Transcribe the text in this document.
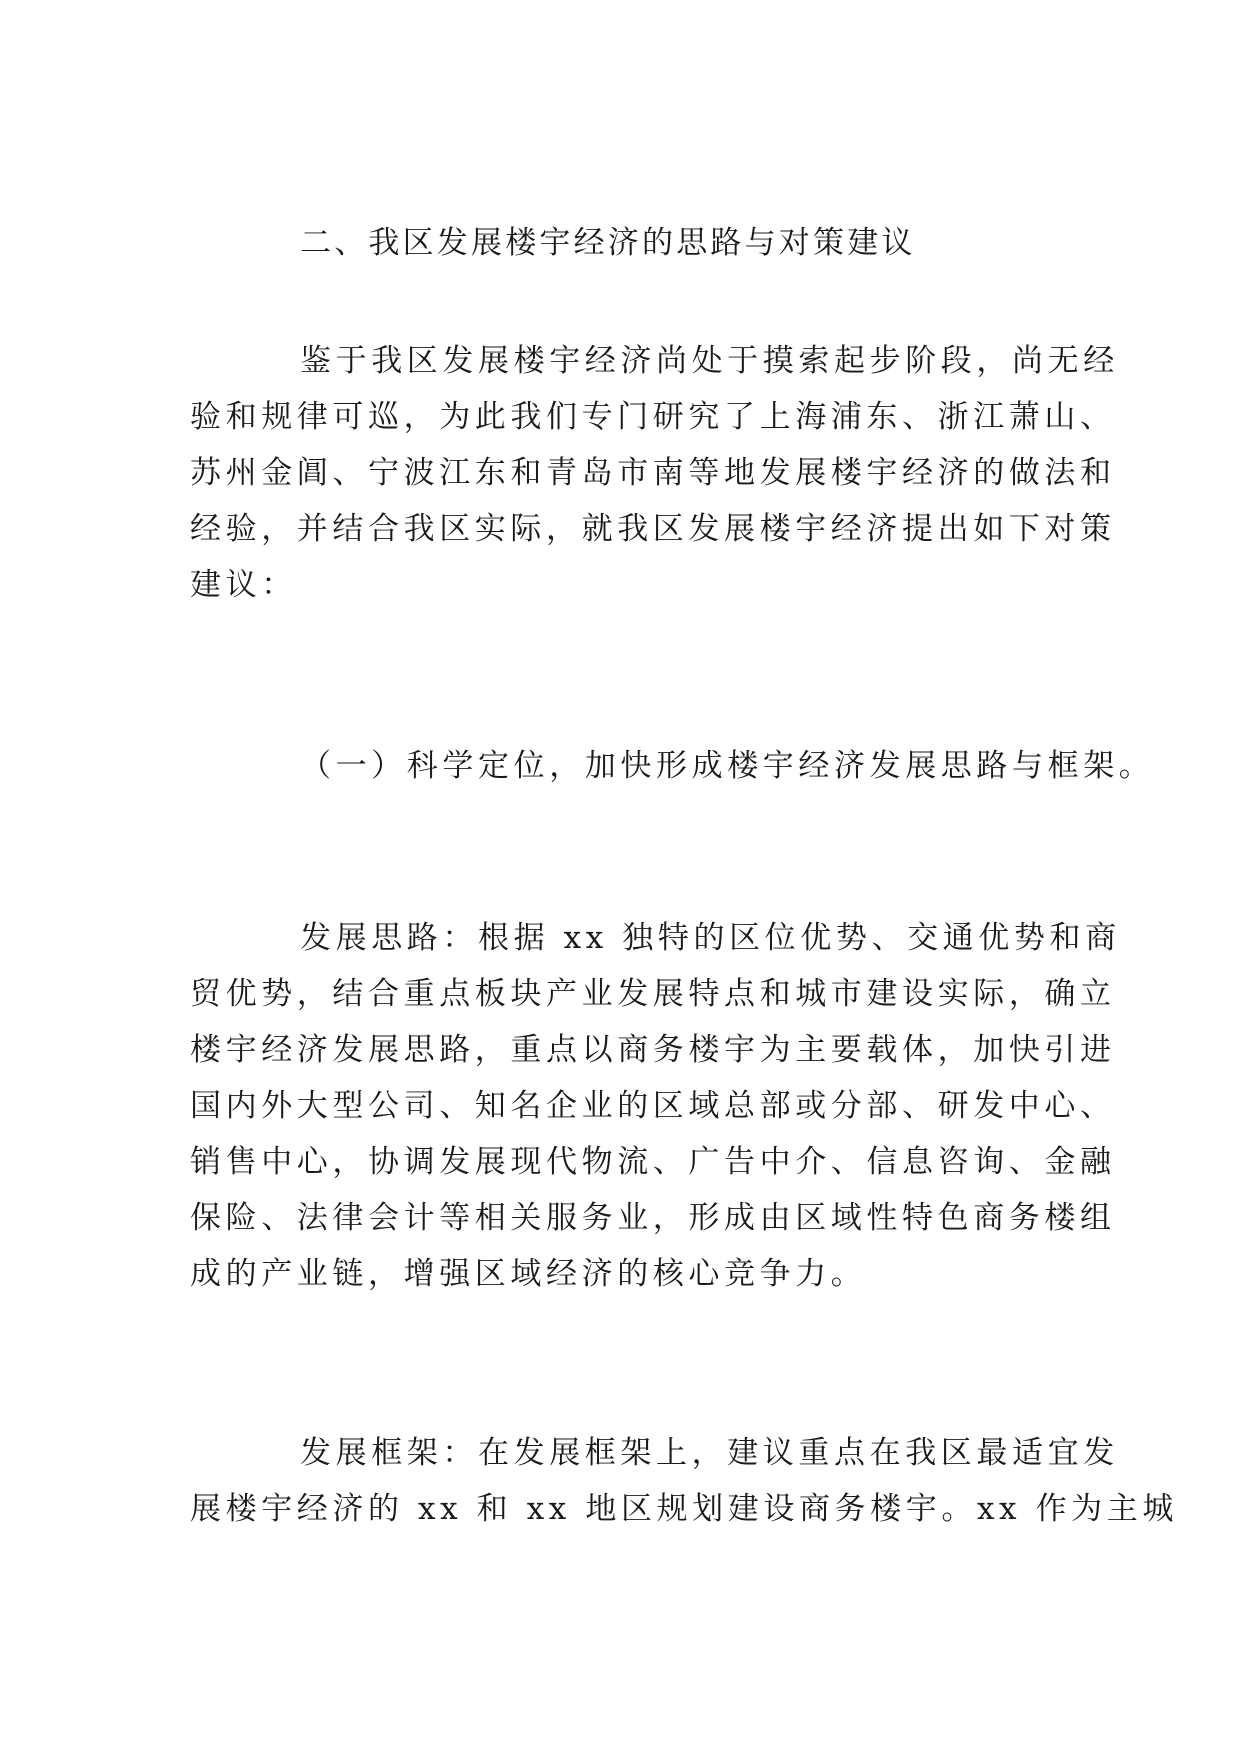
二、我区发展楼宇经济的思路与对策建议
鉴于我区发展楼宇经济尚处于摸索起步阶段，尚无经
验和规律可巡，为此我们专门研究了上海浦东、浙江萧山、
苏州金阊、宁波江东和青岛市南等地发展楼宇经济的做法和
经验，并结合我区实际，就我区发展楼宇经济提出如下对策
建议：
（一）科学定位，加快形成楼宇经济发展思路与框架。
发展思路：根据 xx 独特的区位优势、交通优势和商
贸优势，结合重点板块产业发展特点和城市建设实际，确立
楼宇经济发展思路，重点以商务楼宇为主要载体，加快引进
国内外大型公司、知名企业的区域总部或分部、研发中心、
销售中心，协调发展现代物流、广告中介、信息咨询、金融
保险、法律会计等相关服务业，形成由区域性特色商务楼组
成的产业链，增强区域经济的核心竞争力。
发展框架：在发展框架上，建议重点在我区最适宜发
展楼宇经济的 xx 和 xx 地区规划建设商务楼宇。xx 作为主城
